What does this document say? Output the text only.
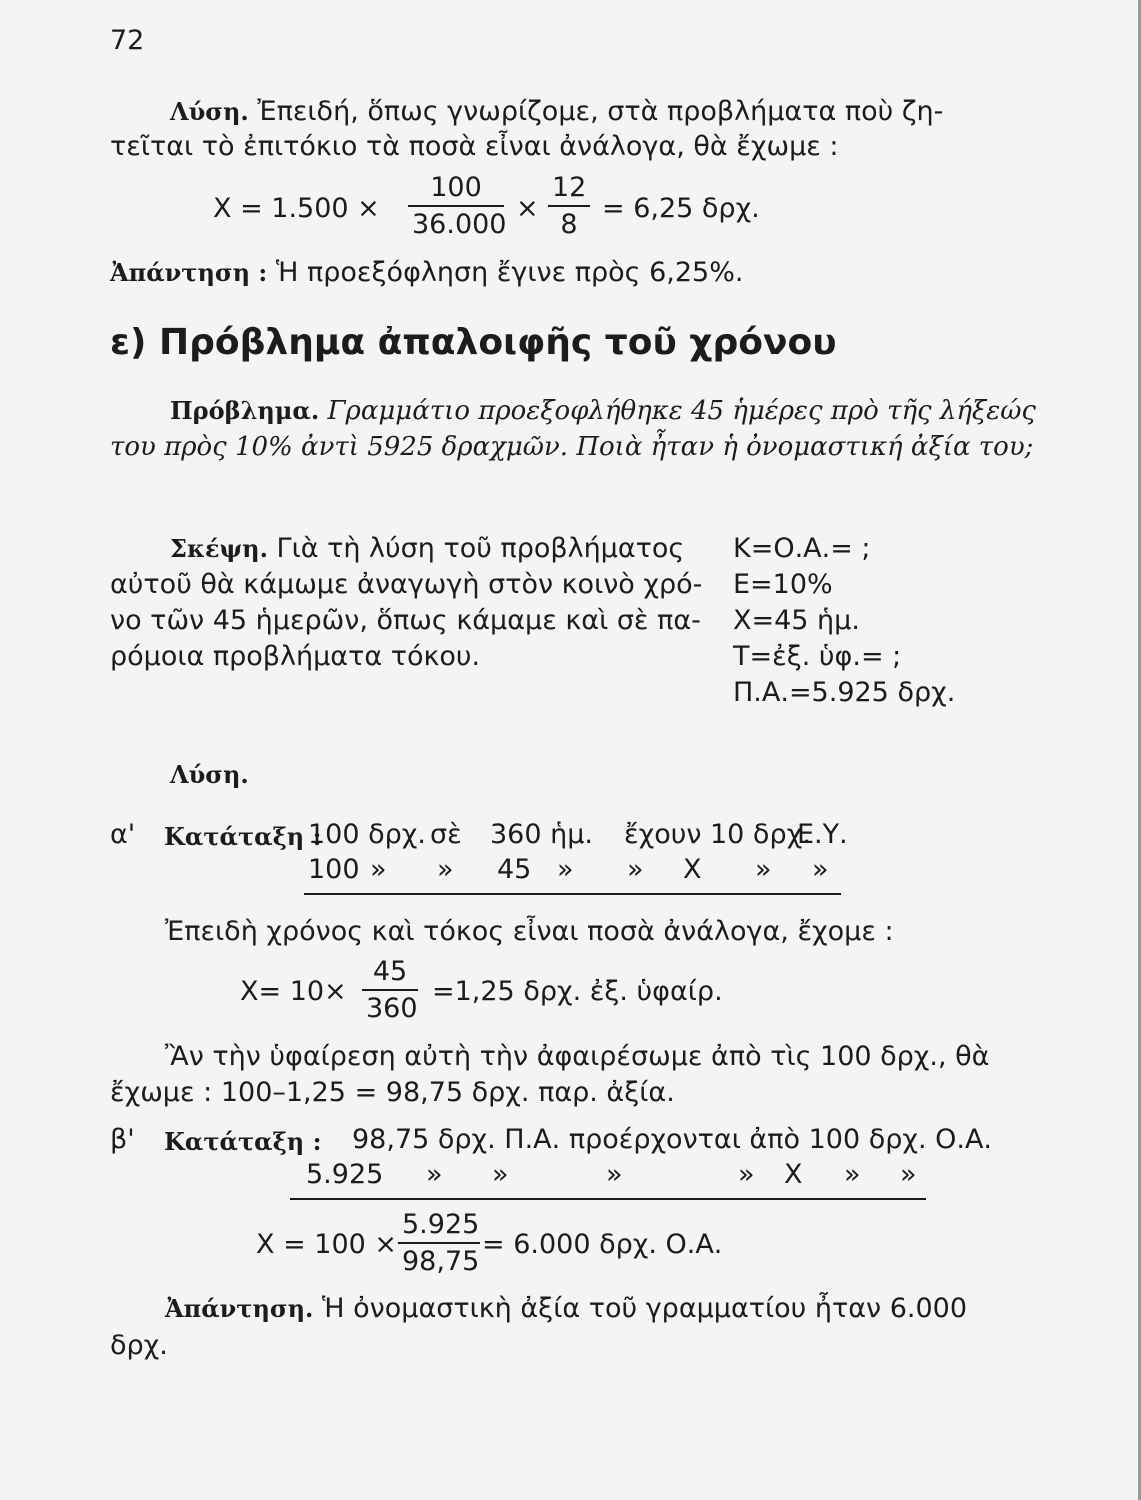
72
Λύση. Ἐπειδή, ὅπως γνωρίζομε, στὰ προβλήματα ποὺ ζη-
τεῖται τὸ ἐπιτόκιο τὰ ποσὰ εἶναι ἀνάλογα, θὰ ἔχωμε :
X = 1.500 ×
100
36.000
×
12
8
= 6,25 δρχ.
Ἀπάντηση : Ἡ προεξόφληση ἔγινε πρὸς 6,25%.
ε) Πρόβλημα ἀπαλοιφῆς τοῦ χρόνου
Πρόβλημα. Γραμμάτιο προεξοφλήθηκε 45 ἡμέρες πρὸ τῆς λήξεώς
του πρὸς 10% ἀντὶ 5925 δραχμῶν. Ποιὰ ἦταν ἡ ὀνομαστική ἀξία του;
Σκέψη. Γιὰ τὴ λύση τοῦ προβλήματος
αὐτοῦ θὰ κάμωμε ἀναγωγὴ στὸν κοινὸ χρό-
νο τῶν 45 ἡμερῶν, ὅπως κάμαμε καὶ σὲ πα-
ρόμοια προβλήματα τόκου.
Κ=Ο.Α.= ;
Ε=10%
Χ=45 ἡμ.
Τ=ἐξ. ὑφ.= ;
Π.Α.=5.925 δρχ.
Λύση.
α' Κατάταξη :
100 δρχ. σὲ 360 ἡμ. ἔχουν 10 δρχ.
Ε.Υ.
100 » » 45 » » Χ » »
Ἐπειδὴ χρόνος καὶ τόκος εἶναι ποσὰ ἀνάλογα, ἔχομε :
Χ= 10×
45
360
=1,25 δρχ. ἐξ. ὑφαίρ.
Ἂν τὴν ὑφαίρεση αὐτὴ τὴν ἀφαιρέσωμε ἀπὸ τὶς 100 δρχ., θὰ
ἔχωμε : 100–1,25 = 98,75 δρχ. παρ. ἀξία.
β' Κατάταξη : 98,75 δρχ. Π.Α. προέρχονται ἀπὸ 100 δρχ. Ο.Α.
5.925 » »	»	» Χ » »
Χ = 100 ×
5.925
98,75
= 6.000 δρχ. Ο.Α.
Ἀπάντηση. Ἡ ὀνομαστικὴ ἀξία τοῦ γραμματίου ἦταν 6.000
δρχ.
